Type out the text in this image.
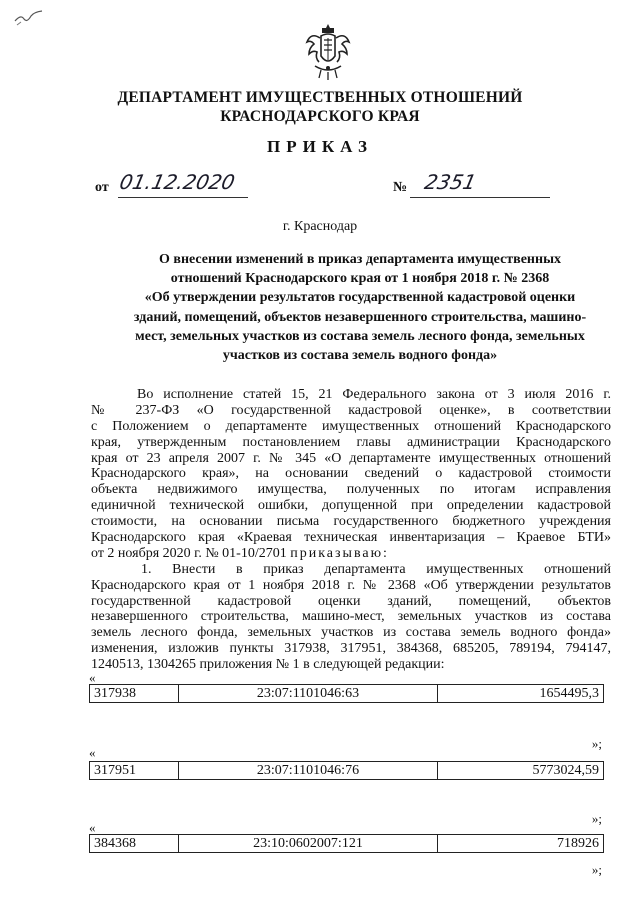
ДЕПАРТАМЕНТ ИМУЩЕСТВЕННЫХ ОТНОШЕНИЙ
КРАСНОДАРСКОГО КРАЯ
ПРИКАЗ
от 01.12.2020	№ 2351
г. Краснодар
О внесении изменений в приказ департамента имущественных
отношений Краснодарского края от 1 ноября 2018 г. № 2368
«Об утверждении результатов государственной кадастровой оценки
зданий, помещений, объектов незавершенного строительства, машино-
мест, земельных участков из состава земель лесного фонда, земельных
участков из состава земель водного фонда»
Во исполнение статей 15, 21 Федерального закона от 3 июля 2016 г.
№ 237-ФЗ «О государственной кадастровой оценке», в соответствии
с Положением о департаменте имущественных отношений Краснодарского
края, утвержденным постановлением главы администрации Краснодарского
края от 23 апреля 2007 г. № 345 «О департаменте имущественных отношений
Краснодарского края», на основании сведений о кадастровой стоимости
объекта недвижимого имущества, полученных по итогам исправления
единичной технической ошибки, допущенной при определении кадастровой
стоимости, на основании письма государственного бюджетного учреждения
Краснодарского края «Краевая техническая инвентаризация – Краевое БТИ»
от 2 ноября 2020 г. № 01-10/2701 приказываю:
1. Внести в приказ департамента имущественных отношений
Краснодарского края от 1 ноября 2018 г. № 2368 «Об утверждении результатов
государственной кадастровой оценки зданий, помещений, объектов
незавершенного строительства, машино-мест, земельных участков из состава
земель лесного фонда, земельных участков из состава земель водного фонда»
изменения, изложив пункты 317938, 317951, 384368, 685205, 789194, 794147,
1240513, 1304265 приложения № 1 в следующей редакции:
«
317938	23:07:1101046:63	1654495,3
»;
«
317951	23:07:1101046:76	5773024,59
»;
«
384368	23:10:0602007:121	718926
»;
